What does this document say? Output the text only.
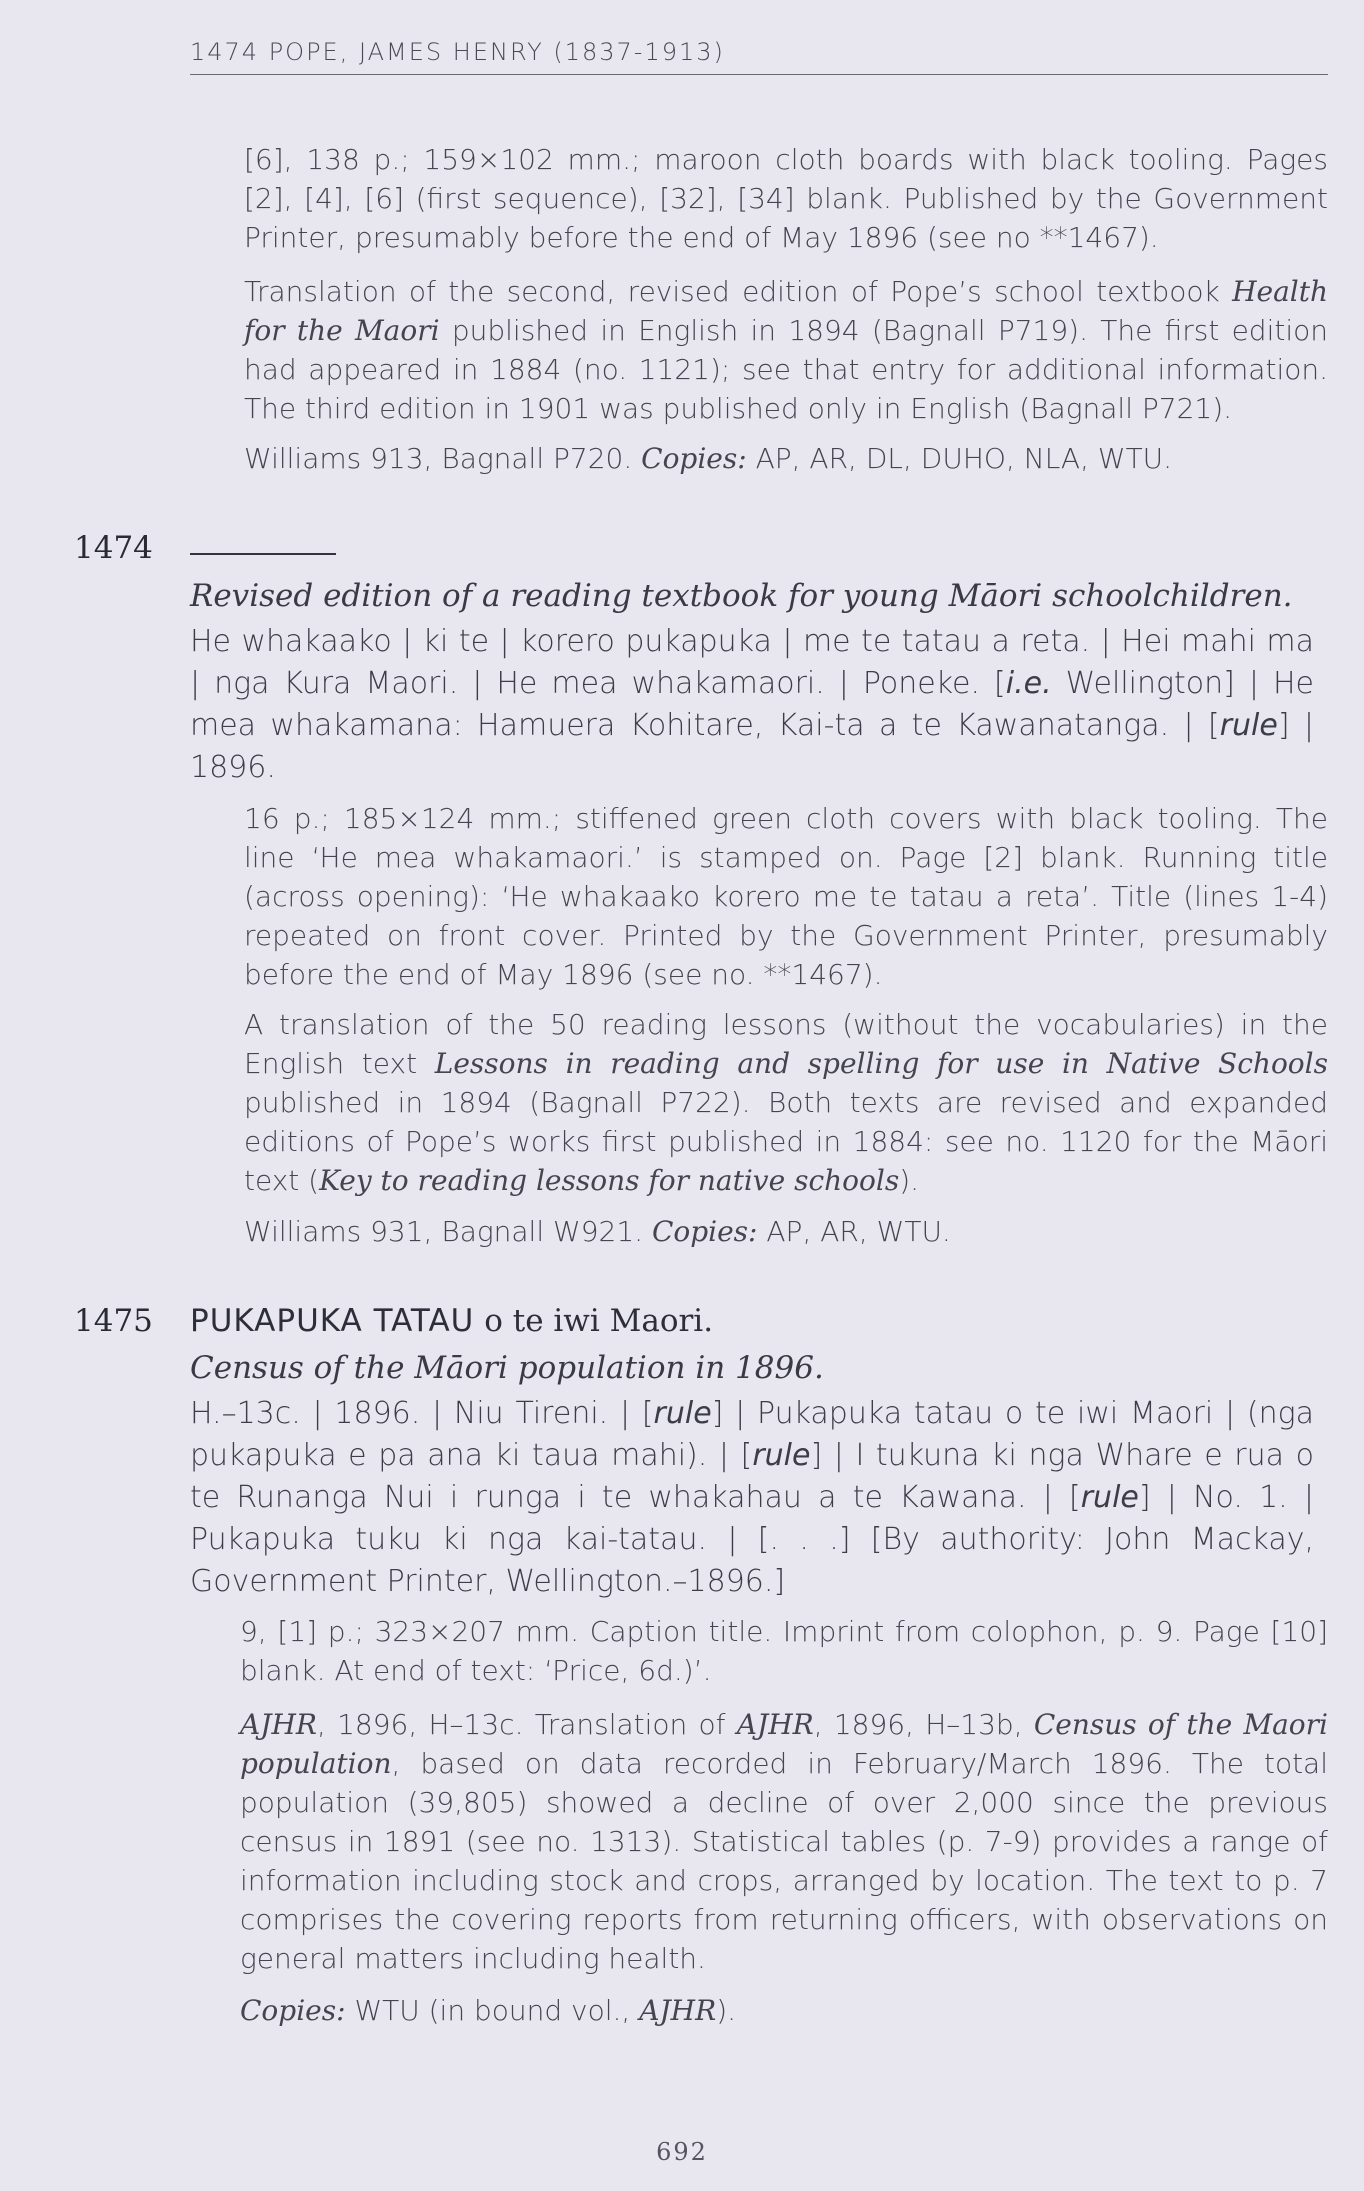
1474 POPE, JAMES HENRY (1837-1913)

[6], 138 p.; 159×102 mm.; maroon cloth boards with black tooling. Pages [2], [4], [6] (first sequence), [32], [34] blank. Published by the Government Printer, presumably before the end of May 1896 (see no **1467).

Translation of the second, revised edition of Pope’s school textbook Health for the Maori published in English in 1894 (Bagnall P719). The first edition had appeared in 1884 (no. 1121); see that entry for additional information. The third edition in 1901 was published only in English (Bagnall P721).

Williams 913, Bagnall P720. Copies: AP, AR, DL, DUHO, NLA, WTU.

1474
Revised edition of a reading textbook for young Māori schoolchildren.

He whakaako | ki te | korero pukapuka | me te tatau a reta. | Hei mahi ma | nga Kura Maori. | He mea whakamaori. | Poneke. [i.e. Wellington] | He mea whakamana: Hamuera Kohitare, Kai-ta a te Kawanatanga. | [rule] | 1896.

16 p.; 185×124 mm.; stiffened green cloth covers with black tooling. The line ‘He mea whakamaori.’ is stamped on. Page [2] blank. Running title (across opening): ‘He whakaako korero me te tatau a reta’. Title (lines 1-4) repeated on front cover. Printed by the Government Printer, presumably before the end of May 1896 (see no. **1467).

A translation of the 50 reading lessons (without the vocabularies) in the English text Lessons in reading and spelling for use in Native Schools published in 1894 (Bagnall P722). Both texts are revised and expanded editions of Pope’s works first published in 1884: see no. 1120 for the Māori text (Key to reading lessons for native schools).

Williams 931, Bagnall W921. Copies: AP, AR, WTU.

1475 PUKAPUKA TATAU o te iwi Maori.
Census of the Māori population in 1896.

H.–13c. | 1896. | Niu Tireni. | [rule] | Pukapuka tatau o te iwi Maori | (nga pukapuka e pa ana ki taua mahi). | [rule] | I tukuna ki nga Whare e rua o te Runanga Nui i runga i te whakahau a te Kawana. | [rule] | No. 1. | Pukapuka tuku ki nga kai-tatau. | [. . .] [By authority: John Mackay, Government Printer, Wellington.–1896.]

9, [1] p.; 323×207 mm. Caption title. Imprint from colophon, p. 9. Page [10] blank. At end of text: ‘Price, 6d.)’.

AJHR, 1896, H–13c. Translation of AJHR, 1896, H–13b, Census of the Maori population, based on data recorded in February/March 1896. The total population (39,805) showed a decline of over 2,000 since the previous census in 1891 (see no. 1313). Statistical tables (p. 7-9) provides a range of information including stock and crops, arranged by location. The text to p. 7 comprises the covering reports from returning officers, with observations on general matters including health.

Copies: WTU (in bound vol., AJHR).

692
